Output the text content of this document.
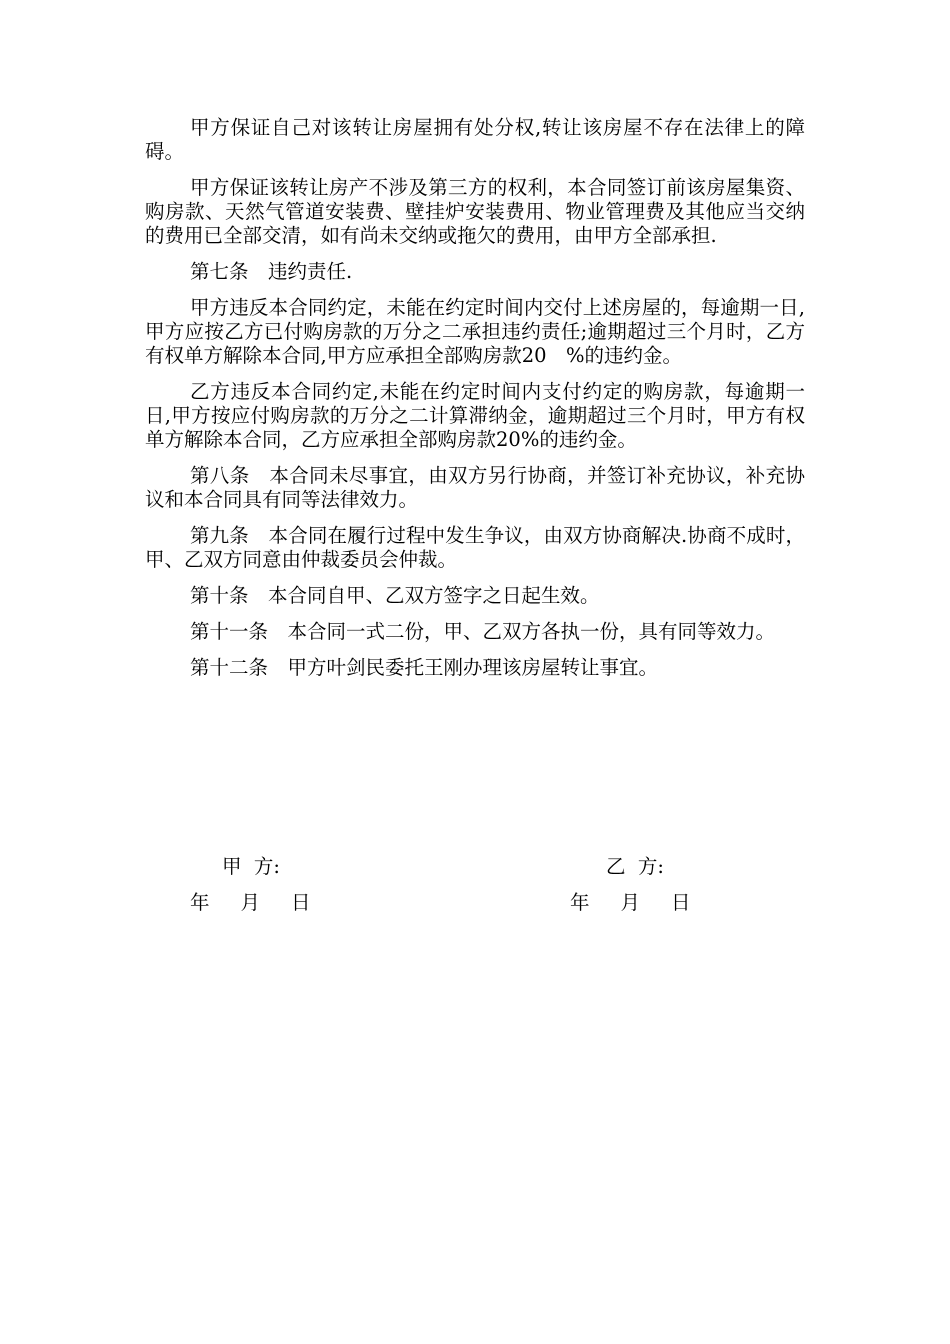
甲方保证自己对该转让房屋拥有处分权,转让该房屋不存在法律上的障碍。

甲方保证该转让房产不涉及第三方的权利，本合同签订前该房屋集资、购房款、天然气管道安装费、壁挂炉安装费用、物业管理费及其他应当交纳的费用已全部交清，如有尚未交纳或拖欠的费用，由甲方全部承担.

第七条　违约责任.

甲方违反本合同约定，未能在约定时间内交付上述房屋的，每逾期一日,甲方应按乙方已付购房款的万分之二承担违约责任;逾期超过三个月时，乙方有权单方解除本合同,甲方应承担全部购房款20　%的违约金。

乙方违反本合同约定,未能在约定时间内支付约定的购房款，每逾期一日,甲方按应付购房款的万分之二计算滞纳金，逾期超过三个月时，甲方有权单方解除本合同，乙方应承担全部购房款20%的违约金。

第八条　本合同未尽事宜，由双方另行协商，并签订补充协议，补充协议和本合同具有同等法律效力。

第九条　本合同在履行过程中发生争议，由双方协商解决.协商不成时，甲、乙双方同意由仲裁委员会仲裁。

第十条　本合同自甲、乙双方签字之日起生效。

第十一条　本合同一式二份，甲、乙双方各执一份，具有同等效力。

第十二条　甲方叶剑民委托王刚办理该房屋转让事宜。

甲  方:	乙  方:
年     月     日	年     月     日
